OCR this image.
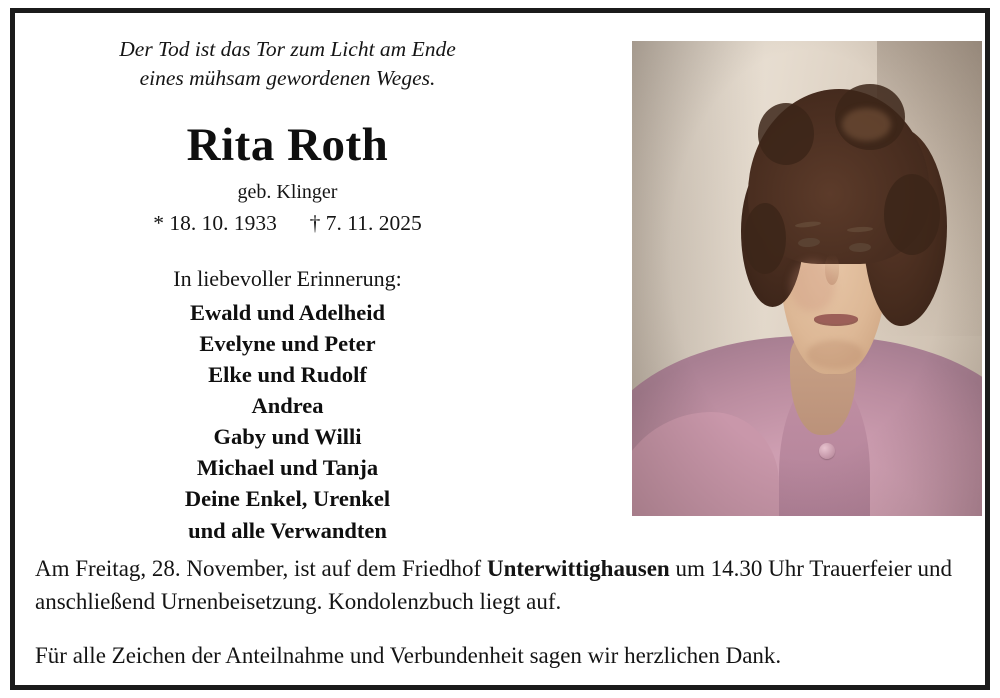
Der Tod ist das Tor zum Licht am Ende
eines mühsam gewordenen Weges.
Rita Roth
geb. Klinger
* 18. 10. 1933 † 7. 11. 2025
In liebevoller Erinnerung:
Ewald und Adelheid
Evelyne und Peter
Elke und Rudolf
Andrea
Gaby und Willi
Michael und Tanja
Deine Enkel, Urenkel
und alle Verwandten
Am Freitag, 28. November, ist auf dem Friedhof Unterwittighausen um 14.30 Uhr Trauerfeier und anschließend Urnenbeisetzung. Kondolenzbuch liegt auf.
Für alle Zeichen der Anteilnahme und Verbundenheit sagen wir herzlichen Dank.
